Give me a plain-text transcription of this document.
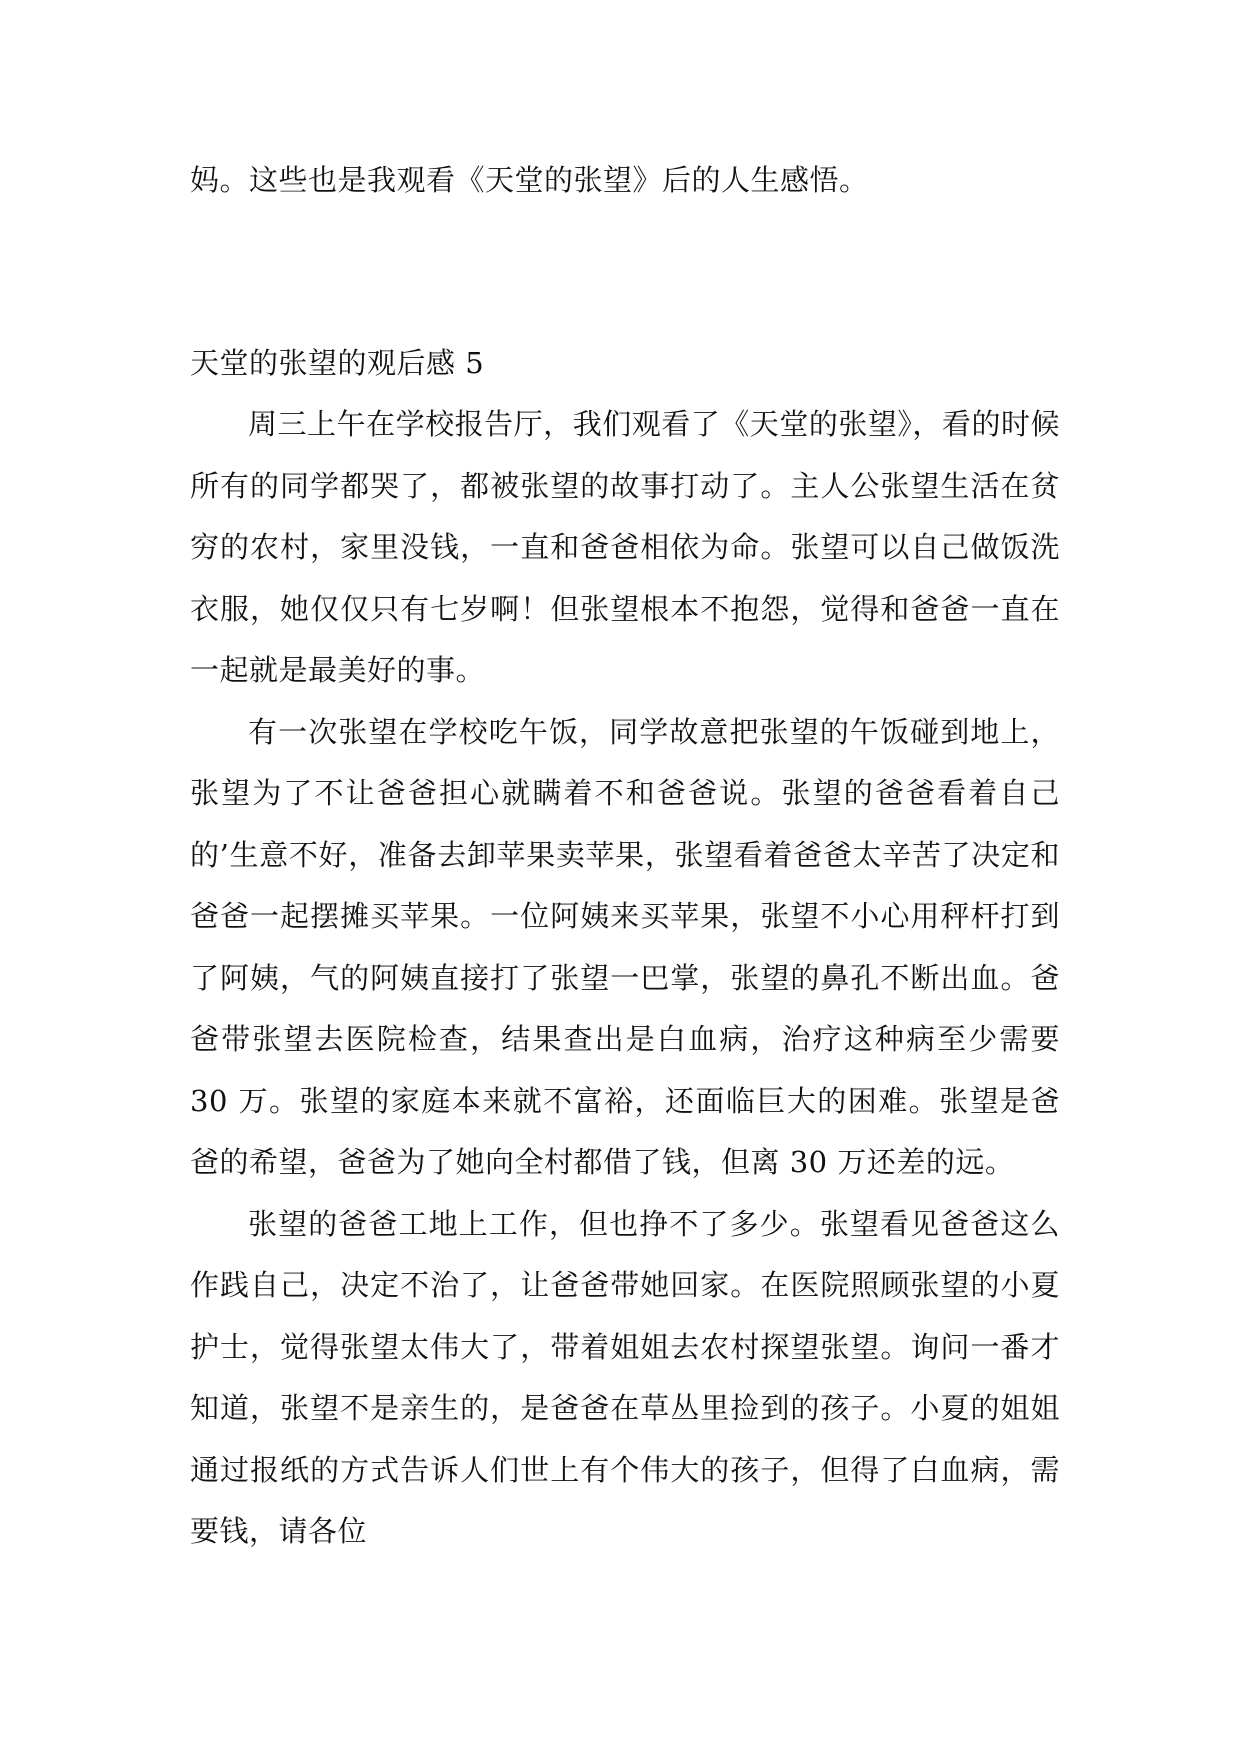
妈。这些也是我观看《天堂的张望》后的人生感悟。

天堂的张望的观后感 5

周三上午在学校报告厅，我们观看了《天堂的张望》，看的时候所有的同学都哭了，都被张望的故事打动了。主人公张望生活在贫穷的农村，家里没钱，一直和爸爸相依为命。张望可以自己做饭洗衣服，她仅仅只有七岁啊！但张望根本不抱怨，觉得和爸爸一直在一起就是最美好的事。

有一次张望在学校吃午饭，同学故意把张望的午饭碰到地上，张望为了不让爸爸担心就瞒着不和爸爸说。张望的爸爸看着自己的’生意不好，准备去卸苹果卖苹果，张望看着爸爸太辛苦了决定和爸爸一起摆摊买苹果。一位阿姨来买苹果，张望不小心用秤杆打到了阿姨，气的阿姨直接打了张望一巴掌，张望的鼻孔不断出血。爸爸带张望去医院检查，结果查出是白血病，治疗这种病至少需要 30 万。张望的家庭本来就不富裕，还面临巨大的困难。张望是爸爸的希望，爸爸为了她向全村都借了钱，但离 30 万还差的远。

张望的爸爸工地上工作，但也挣不了多少。张望看见爸爸这么作践自己，决定不治了，让爸爸带她回家。在医院照顾张望的小夏护士，觉得张望太伟大了，带着姐姐去农村探望张望。询问一番才知道，张望不是亲生的，是爸爸在草丛里捡到的孩子。小夏的姐姐通过报纸的方式告诉人们世上有个伟大的孩子，但得了白血病，需要钱，请各位
